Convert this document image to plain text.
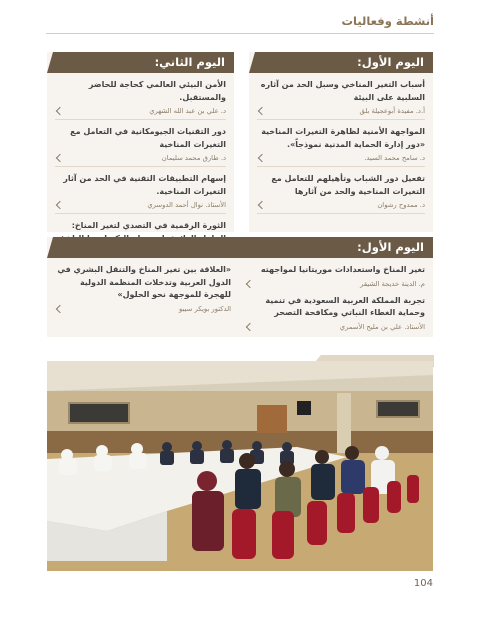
أنشطة وفعاليات
اليوم الأول:
أسباب التغير المناخي وسبل الحد من آثاره السلبية على البيئة
أ.د. مفيدة أبوعجيلة بلق
المواجهة الأمنية لظاهرة التغيرات المناخية «دور إدارة الحماية المدنية نموذجاً».
د. سامح محمد السيد.
تفعيل دور الشباب وتأهيلهم للتعامل مع التغيرات المناخية والحد من آثارها
د. ممدوح رشوان
اليوم الثاني:
الأمن البيئي العالمي كحاجة للحاضر والمستقبل.
د. علي بن عبد الله الشهري
دور التقنيات الجيومكانية في التعامل مع التغيرات المناخية
د. طارق محمد سليمان
إسهام التطبيقات التقنية في الحد من آثار التغيرات المناخية.
الأستاذ. نوال أحمد الدوسري
الثورة الرقمية في التصدي لتغير المناخ:
اليوم الأول:
تغير المناخ واستعدادات موريتانيا لمواجهته
م. الدينة خديجة الشيقر
تجربة المملكة العربية السعودية في تنمية وحماية الغطاء النباتي ومكافحة التصحر
الأستاذ. علي بن مليح الأسمري
«العلاقة بين تغير المناخ والتنقل البشري في الدول العربية وتدخلات المنظمة الدولية للهجرة للموجهة نحو الحلول»
الدكتور بويكر سيبو
104
